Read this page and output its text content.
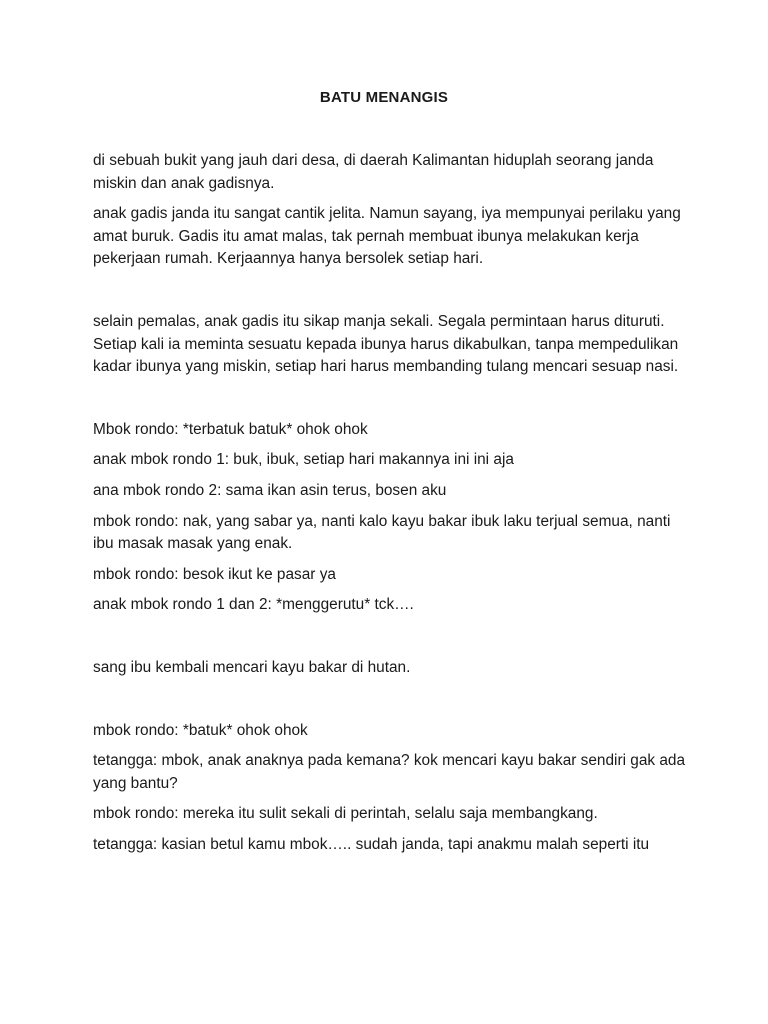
BATU MENANGIS

di sebuah bukit yang jauh dari desa, di daerah Kalimantan hiduplah seorang janda miskin dan anak gadisnya.

anak gadis janda itu sangat cantik jelita. Namun sayang, iya mempunyai perilaku yang amat buruk. Gadis itu amat malas, tak pernah membuat ibunya melakukan kerja pekerjaan rumah. Kerjaannya hanya bersolek setiap hari.

selain pemalas, anak gadis itu sikap manja sekali. Segala permintaan harus dituruti. Setiap kali ia meminta sesuatu kepada ibunya harus dikabulkan, tanpa mempedulikan kadar ibunya yang miskin, setiap hari harus membanding tulang mencari sesuap nasi.

Mbok rondo: *terbatuk batuk* ohok ohok

anak mbok rondo 1: buk, ibuk, setiap hari makannya ini ini aja

ana mbok rondo 2: sama ikan asin terus, bosen aku

mbok rondo: nak, yang sabar ya, nanti kalo kayu bakar ibuk laku terjual semua, nanti ibu masak masak yang enak.

mbok rondo: besok ikut ke pasar ya

anak mbok rondo 1 dan 2: *menggerutu* tck….

sang ibu kembali mencari kayu bakar di hutan.

mbok rondo: *batuk* ohok ohok

tetangga: mbok, anak anaknya pada kemana? kok mencari kayu bakar sendiri gak ada yang bantu?

mbok rondo: mereka itu sulit sekali di perintah, selalu saja membangkang.

tetangga: kasian betul kamu mbok….. sudah janda, tapi anakmu malah seperti itu
